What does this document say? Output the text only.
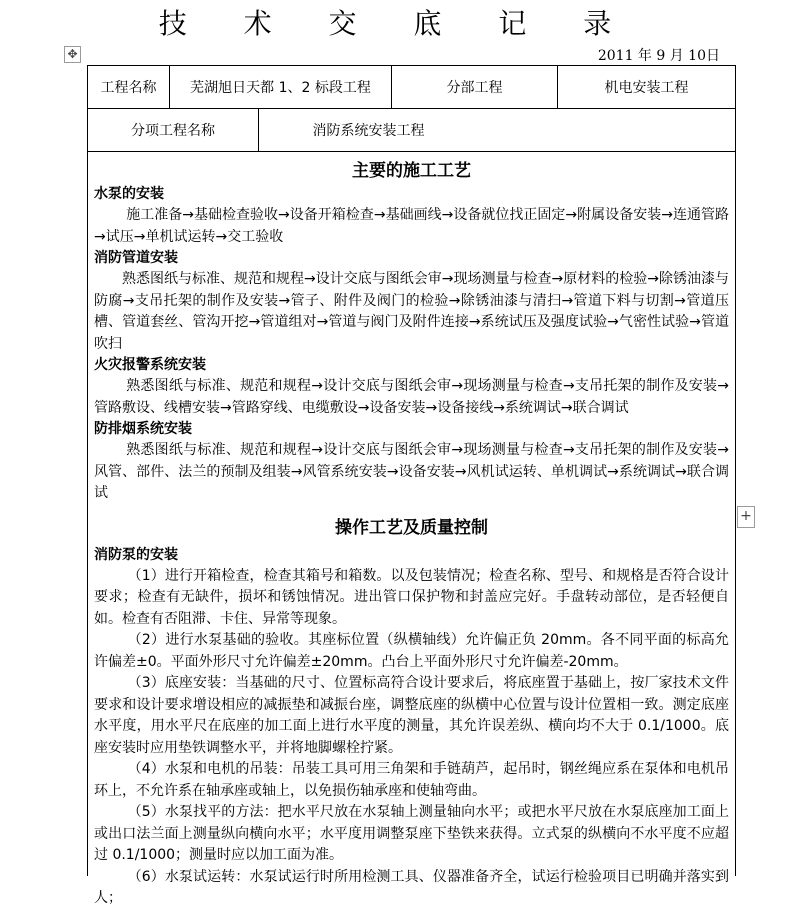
技 术 交 底 记 录
✥	2011 年 9 月 10日
工程名称	芜湖旭日天都 1、2 标段工程	分部工程	机电安装工程
分项工程名称	消防系统安装工程
主要的施工工艺
水泵的安装

施工准备→基础检查验收→设备开箱检查→基础画线→设备就位找正固定→附属设备安装→连通管路→试压→单机试运转→交工验收

消防管道安装

熟悉图纸与标准、规范和规程→设计交底与图纸会审→现场测量与检查→原材料的检验→除锈油漆与防腐→支吊托架的制作及安装→管子、附件及阀门的检验→除锈油漆与清扫→管道下料与切割→管道压槽、管道套丝、管沟开挖→管道组对→管道与阀门及附件连接→系统试压及强度试验→气密性试验→管道吹扫

火灾报警系统安装

熟悉图纸与标准、规范和规程→设计交底与图纸会审→现场测量与检查→支吊托架的制作及安装→管路敷设、线槽安装→管路穿线、电缆敷设→设备安装→设备接线→系统调试→联合调试

防排烟系统安装

熟悉图纸与标准、规范和规程→设计交底与图纸会审→现场测量与检查→支吊托架的制作及安装→风管、部件、法兰的预制及组装→风管系统安装→设备安装→风机试运转、单机调试→系统调试→联合调试

操作工艺及质量控制
消防泵的安装

（1）进行开箱检查，检查其箱号和箱数。以及包装情况；检查名称、型号、和规格是否符合设计要求；检查有无缺件，损坏和锈蚀情况。进出管口保护物和封盖应完好。手盘转动部位，是否轻便自如。检查有否阻滞、卡住、异常等现象。

（2）进行水泵基础的验收。其座标位置（纵横轴线）允许偏正负 20mm。各不同平面的标高允许偏差±0。平面外形尺寸允许偏差±20mm。凸台上平面外形尺寸允许偏差-20mm。

（3）底座安装：当基础的尺寸、位置标高符合设计要求后，将底座置于基础上，按厂家技术文件要求和设计要求增设相应的减振垫和减振台座，调整底座的纵横中心位置与设计位置相一致。测定底座水平度，用水平尺在底座的加工面上进行水平度的测量，其允许误差纵、横向均不大于 0.1/1000。底座安装时应用垫铁调整水平，并将地脚螺栓拧紧。

（4）水泵和电机的吊装：吊装工具可用三角架和手链葫芦，起吊时，钢丝绳应系在泵体和电机吊环上，不允许系在轴承座或轴上，以免损伤轴承座和使轴弯曲。

（5）水泵找平的方法：把水平尺放在水泵轴上测量轴向水平；或把水平尺放在水泵底座加工面上或出口法兰面上测量纵向横向水平；水平度用调整泵座下垫铁来获得。立式泵的纵横向不水平度不应超过 0.1/1000；测量时应以加工面为准。

（6）水泵试运转：水泵试运行时所用检测工具、仪器准备齐全，试运行检验项目已明确并落实到人；

+
